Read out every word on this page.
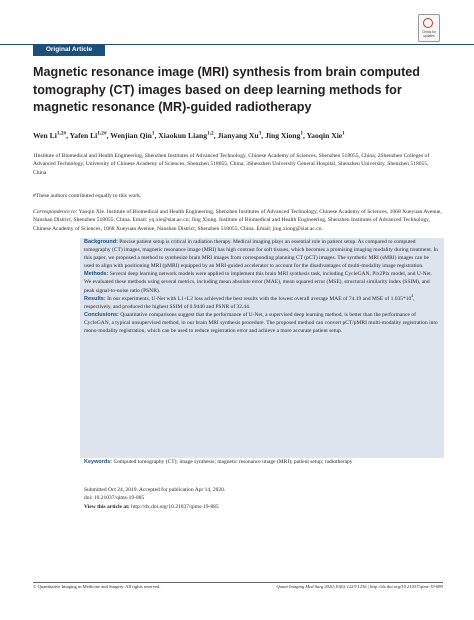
Original Article
Check for updates
Magnetic resonance image (MRI) synthesis from brain computed tomography (CT) images based on deep learning methods for magnetic resonance (MR)-guided radiotherapy
Wen $Li^{1,2\#}$, Yafen $Li^{1,2\#}$, Wenjian Qin$^1$, Xiaokun Liang$^{1,2}$, Jianyang Xu$^3$, Jing Xiong$^1$, Yaoqin Xie$^1$
1Institute of Biomedical and Health Engineering, Shenzhen Institutes of Advanced Technology, Chinese Academy of Sciences, Shenzhen 518055, China; 2Shenzhen Colleges of Advanced Technology, University of Chinese Academy of Sciences, Shenzhen 518055, China; 3Shenzhen University General Hospital, Shenzhen University, Shenzhen 518055, China
#These authors contributed equally to this work.
Correspondence to: Yaoqin Xie. Institute of Biomedical and Health Engineering, Shenzhen Institutes of Advanced Technology, Chinese Academy of Sciences, 1068 Xueyuan Avenue, Nanshan District, Shenzhen 518055, China. Email: yq.xie@siat.ac.cn; Jing Xiong. Institute of Biomedical and Health Engineering, Shenzhen Institutes of Advanced Technology, Chinese Academy of Sciences, 1068 Xueyuan Avenue, Nanshan District, Shenzhen 518055, China. Email: jing.xiong@siat.ac.cn.

Background: Precise patient setup is critical in radiation therapy. Medical imaging plays an essential role in patient setup. As compared to computed tomography (CT) images, magnetic resonance image (MRI) has high contrast for soft tissues, which becomes a promising imaging modality during treatment. In this paper, we proposed a method to synthesize brain MRI images from corresponding planning CT (pCT) images. The synthetic MRI (sMRI) images can be used to align with positioning MRI (pMRI) equipped by an MRI-guided accelerator to account for the disadvantages of multi-modality image registration.

Methods: Several deep learning network models were applied to implement this brain MRI synthesis task, including CycleGAN, Pix2Pix model, and U-Net. We evaluated these methods using several metrics, including mean absolute error (MAE), mean squared error (MSE), structural similarity index (SSIM), and peak signal-to-noise ratio (PSNR).

Results: In our experiments, U-Net with L1+L2 loss achieved the best results with the lowest overall average MAE of 74.19 and MSE of $1.035*10^4$, respectively, and produced the highest SSIM of 0.9440 and PSNR of 32.44.

Conclusions: Quantitative comparisons suggest that the performance of U-Net, a supervised deep learning method, is better than the performance of CycleGAN, a typical unsupervised method, in our brain MRI synthesis procedure. The proposed method can convert pCT/pMRI multi-modality registration into mono-modality registration, which can be used to reduce registration error and achieve a more accurate patient setup.

Keywords: Computed tomography (CT); image synthesis; magnetic resonance image (MRI); patient setup; radiotherapy
Submitted Oct 24, 2019. Accepted for publication Apr 14, 2020.
doi: 10.21037/qims-19-885
View this article at: http://dx.doi.org/10.21037/qims-19-885
© Quantitative Imaging in Medicine and Surgery. All rights reserved.	Quant Imaging Med Surg 2020;10(6):1223-1236 | http://dx.doi.org/10.21037/qims-19-885
